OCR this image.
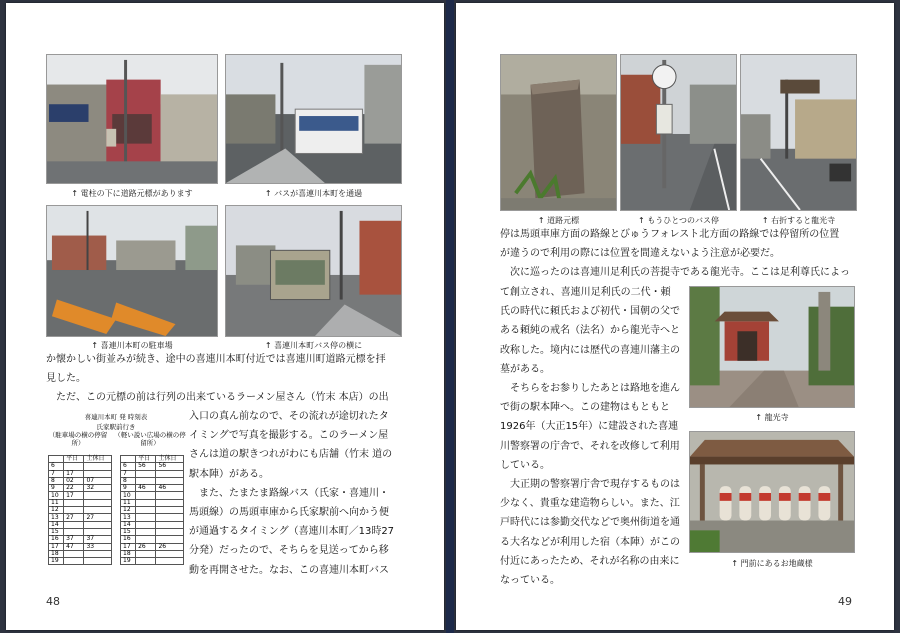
↑ 電柱の下に道路元標があります	↑ バスが喜連川本町を通過
↑ 喜連川本町の駐車場	↑ 喜連川本町バス停の横に

か懐かしい街並みが続き、途中の喜連川本町付近では喜連川町道路元標を拝

見した。

ただ、この元標の前は行列の出来ているラーメン屋さん（竹末 本店）の出

喜連川本町 発 時刻表
氏家駅前行き
（駐車場の横の停留所）
（軽い説い広場の横の停留所）
	平日	土休日
6		
7	17	
8	02	07
9	22	32
10	17	
11		
12		
13	27	27
14		
15		
16	37	37
17	47	33
18		
19		
	平日	土休日
6	56	56
7		
8		
9	46	46
10		
11		
12		
13		
14		
15		
16		
17	26	26
18		
19		

入口の真ん前なので、その流れが途切れたタ

イミングで写真を撮影する。このラーメン屋

さんは道の駅きつれがわにも店舗（竹末 道の

駅本陣）がある。

また、たまたま路線バス（氏家・喜連川・

馬頭線）の馬頭車庫から氏家駅前へ向かう便

が通過するタイミング（喜連川本町／13時27

分発）だったので、そちらを見送ってから移

動を再開させた。なお、この喜連川本町バス

48
↑ 道路元標	↑ もうひとつのバス停	↑ 右折すると龍光寺

停は馬頭車庫方面の路線とびゅうフォレスト北方面の路線では停留所の位置

が違うので利用の際には位置を間違えないよう注意が必要だ。

次に巡ったのは喜連川足利氏の菩提寺である龍光寺。ここは足利尊氏によっ

↑ 龍光寺
↑ 門前にあるお地蔵様

て創立され、喜連川足利氏の二代・頼

氏の時代に頼氏および初代・国朝の父で

ある頼純の戒名（法名）から龍光寺へと

改称した。境内には歴代の喜連川藩主の

墓がある。

そちらをお参りしたあとは路地を進ん

で街の駅本陣へ。この建物はもともと

1926年（大正15年）に建設された喜連

川警察署の庁舎で、それを改修して利用

している。

大正期の警察署庁舎で現存するものは

少なく、貴重な建造物らしい。また、江

戸時代には参勤交代などで奥州街道を通

る大名などが利用した宿（本陣）がこの

付近にあったため、それが名称の由来に

なっている。

49
